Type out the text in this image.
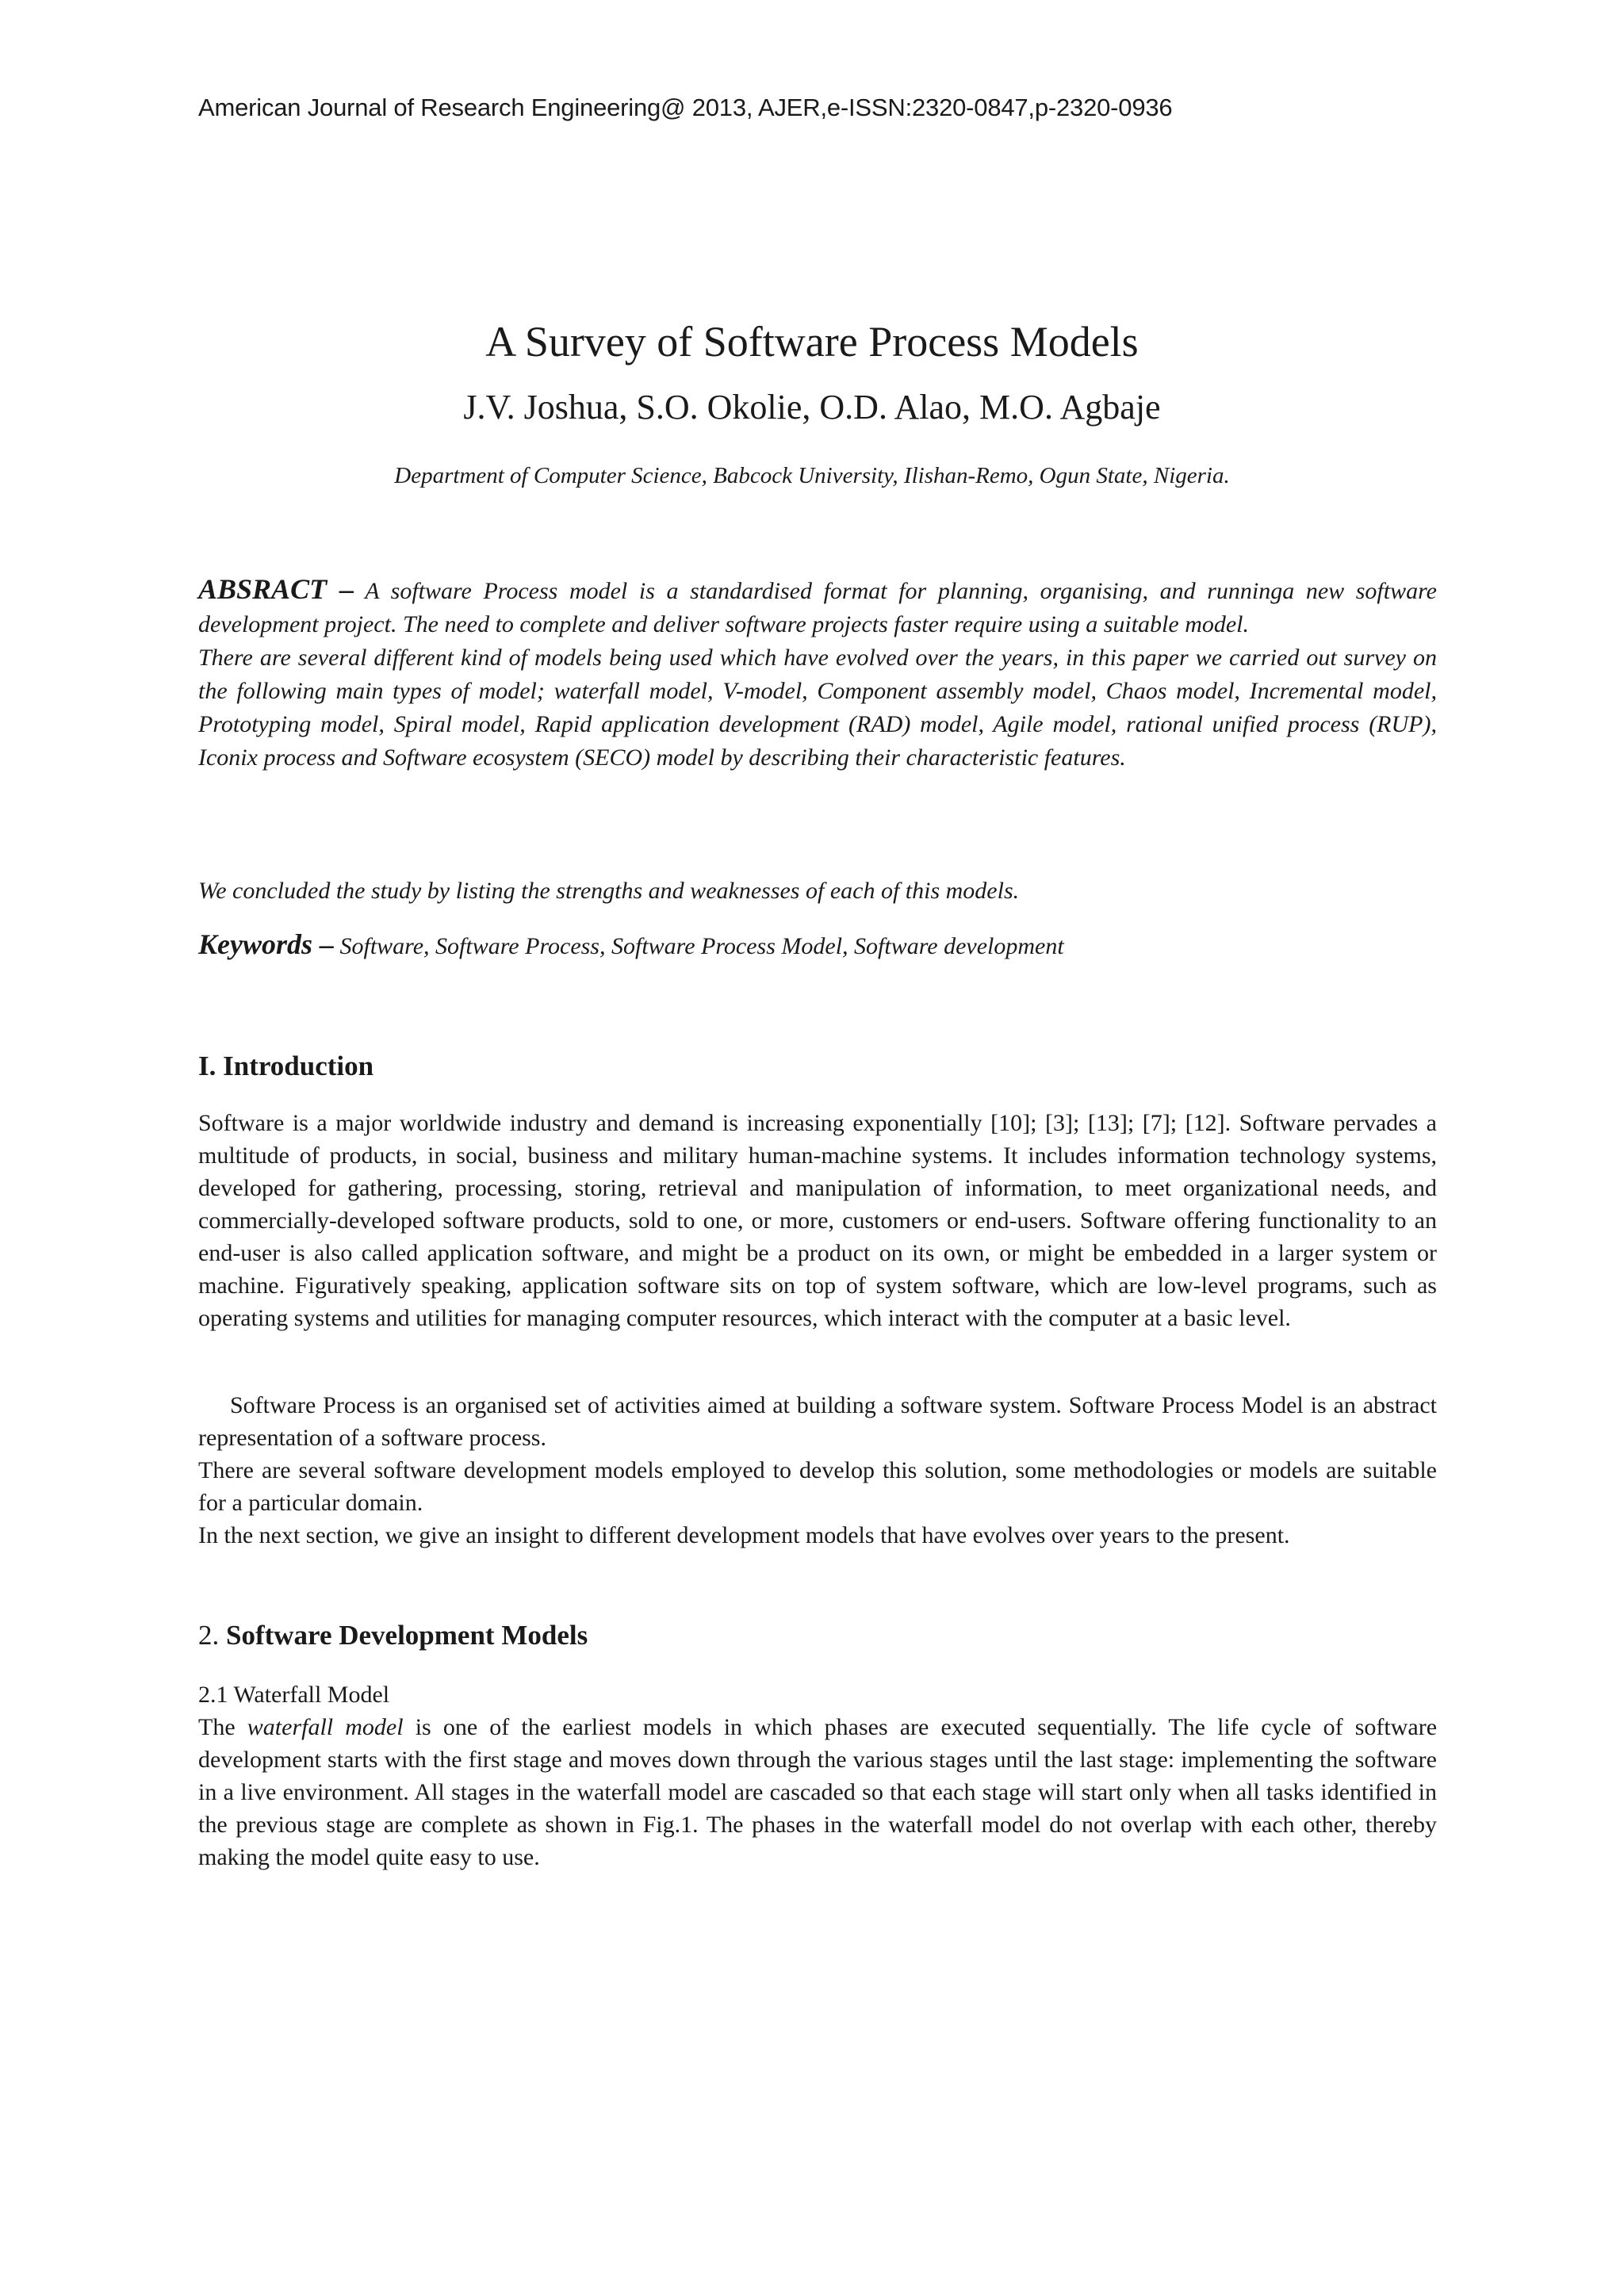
American Journal of Research Engineering@ 2013, AJER,e-ISSN:2320-0847,p-2320-0936
A Survey of Software Process Models
J.V. Joshua, S.O. Okolie, O.D. Alao, M.O. Agbaje
Department of Computer Science, Babcock University, Ilishan-Remo, Ogun State, Nigeria.

ABSRACT – A software Process model is a standardised format for planning, organising, and runninga new software development project. The need to complete and deliver software projects faster require using a suitable model.

There are several different kind of models being used which have evolved over the years, in this paper we carried out survey on the following main types of model; waterfall model, V-model, Component assembly model, Chaos model, Incremental model, Prototyping model, Spiral model, Rapid application development (RAD) model, Agile model, rational unified process (RUP), Iconix process and Software ecosystem (SECO) model by describing their characteristic features.

We concluded the study by listing the strengths and weaknesses of each of this models.
Keywords – Software, Software Process, Software Process Model, Software development
I. Introduction
Software is a major worldwide industry and demand is increasing exponentially [10]; [3]; [13]; [7]; [12]. Software pervades a multitude of products, in social, business and military human-machine systems. It includes information technology systems, developed for gathering, processing, storing, retrieval and manipulation of information, to meet organizational needs, and commercially-developed software products, sold to one, or more, customers or end-users. Software offering functionality to an end-user is also called application software, and might be a product on its own, or might be embedded in a larger system or machine. Figuratively speaking, application software sits on top of system software, which are low-level programs, such as operating systems and utilities for managing computer resources, which interact with the computer at a basic level.

Software Process is an organised set of activities aimed at building a software system. Software Process Model is an abstract representation of a software process.

There are several software development models employed to develop this solution, some methodologies or models are suitable for a particular domain.

In the next section, we give an insight to different development models that have evolves over years to the present.

2. Software Development Models
2.1 Waterfall Model
The waterfall model is one of the earliest models in which phases are executed sequentially. The life cycle of software development starts with the first stage and moves down through the various stages until the last stage: implementing the software in a live environment. All stages in the waterfall model are cascaded so that each stage will start only when all tasks identified in the previous stage are complete as shown in Fig.1. The phases in the waterfall model do not overlap with each other, thereby making the model quite easy to use.
